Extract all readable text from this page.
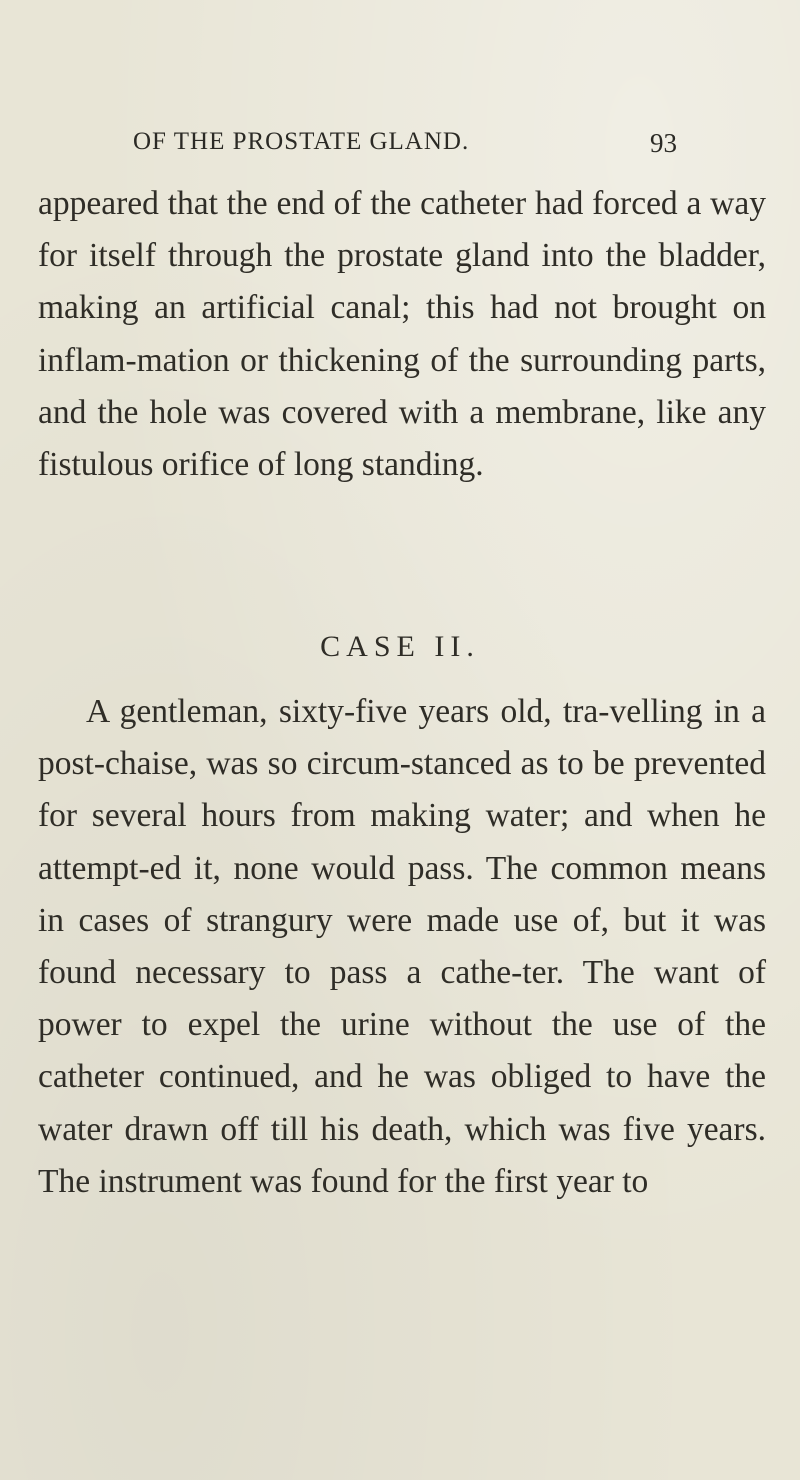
OF THE PROSTATE GLAND.	93

appeared that the end of the catheter had forced a way for itself through the prostate gland into the bladder, making an artificial canal; this had not brought on inflam-mation or thickening of the surrounding parts, and the hole was covered with a membrane, like any fistulous orifice of long standing.

CASE II.

A gentleman, sixty-five years old, tra-velling in a post-chaise, was so circum-stanced as to be prevented for several hours from making water; and when he attempt-ed it, none would pass. The common means in cases of strangury were made use of, but it was found necessary to pass a cathe-ter. The want of power to expel the urine without the use of the catheter continued, and he was obliged to have the water drawn off till his death, which was five years. The instrument was found for the first year to
